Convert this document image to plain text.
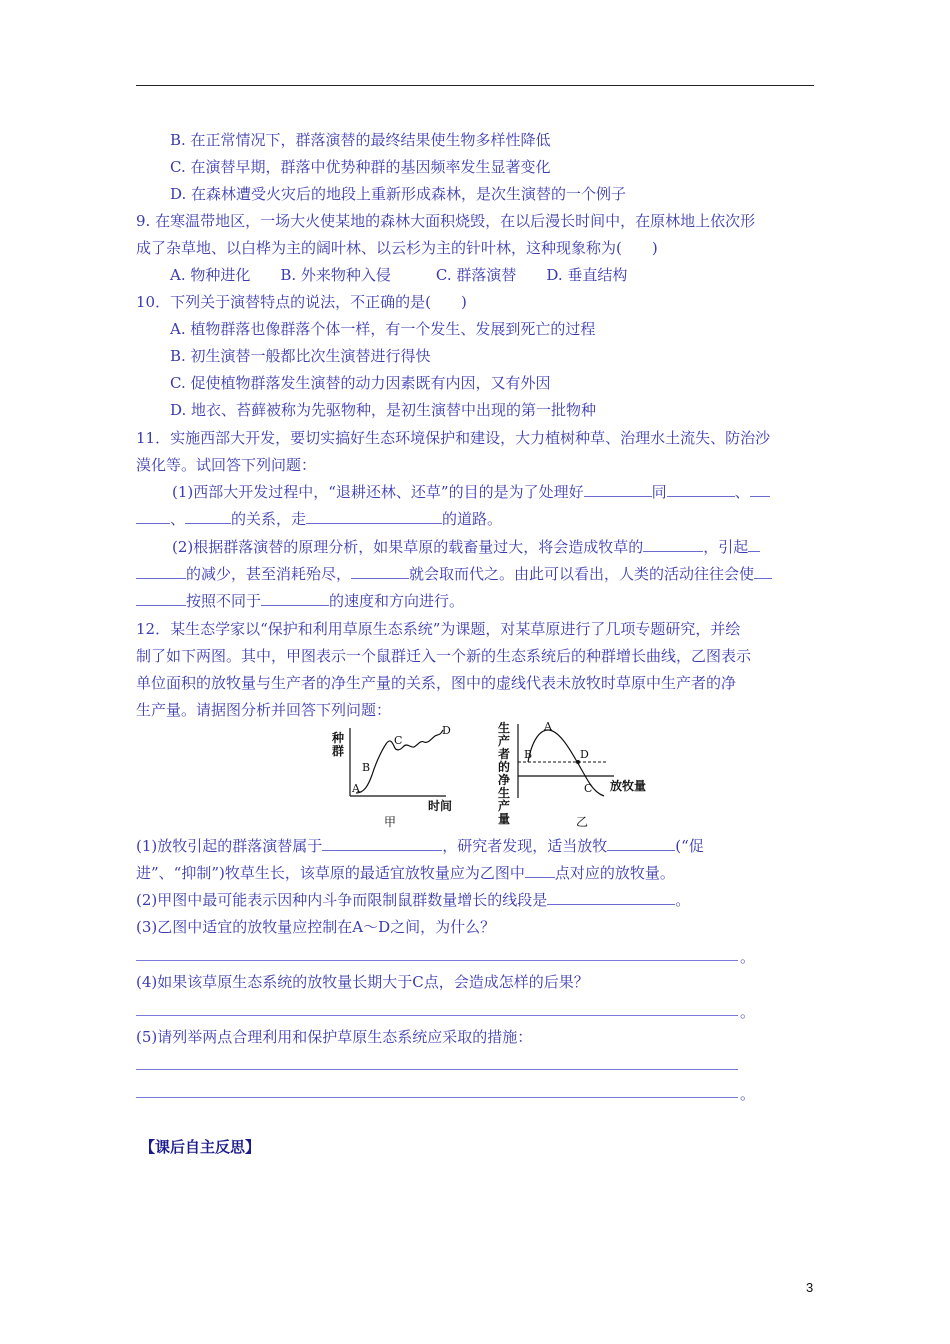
B. 在正常情况下，群落演替的最终结果使生物多样性降低
C. 在演替早期，群落中优势种群的基因频率发生显著变化
D. 在森林遭受火灾后的地段上重新形成森林，是次生演替的一个例子
9. 在寒温带地区，一场大火使某地的森林大面积烧毁，在以后漫长时间中，在原林地上依次形
成了杂草地、以白桦为主的阔叶林、以云杉为主的针叶林，这种现象称为(　　)
A. 物种进化　　B. 外来物种入侵　　　C. 群落演替　　D. 垂直结构
10．下列关于演替特点的说法，不正确的是(　　)
A. 植物群落也像群落个体一样，有一个发生、发展到死亡的过程
B. 初生演替一般都比次生演替进行得快
C. 促使植物群落发生演替的动力因素既有内因，又有外因
D. 地衣、苔藓被称为先驱物种，是初生演替中出现的第一批物种
11．实施西部大开发，要切实搞好生态环境保护和建设，大力植树种草、治理水土流失、防治沙
漠化等。试回答下列问题：
(1)西部大开发过程中，“退耕还林、还草”的目的是为了处理好	同	、
、	的关系，走	的道路。
(2)根据群落演替的原理分析，如果草原的载畜量过大，将会造成牧草的	，引起
的减少，甚至消耗殆尽，	就会取而代之。由此可以看出，人类的活动往往会使
按照不同于	的速度和方向进行。
12．某生态学家以“保护和利用草原生态系统”为课题，对某草原进行了几项专题研究，并绘
制了如下两图。其中，甲图表示一个鼠群迁入一个新的生态系统后的种群增长曲线，乙图表示
单位面积的放牧量与生产者的净生产量的关系，图中的虚线代表未放牧时草原中生产者的净
生产量。请据图分析并回答下列问题：
A
B
C
D
时间
甲
A
B	D
C 放牧量
乙
种群
生产者的净生产量
(1)放牧引起的群落演替属于	，研究者发现，适当放牧	(“促
进”、“抑制”)牧草生长，该草原的最适宜放牧量应为乙图中 点对应的放牧量。
(2)甲图中最可能表示因种内斗争而限制鼠群数量增长的线段是	。
(3)乙图中适宜的放牧量应控制在A～D之间，为什么？
。
(4)如果该草原生态系统的放牧量长期大于C点，会造成怎样的后果？
。
(5)请列举两点合理利用和保护草原生态系统应采取的措施：
。
【课后自主反思】
3
